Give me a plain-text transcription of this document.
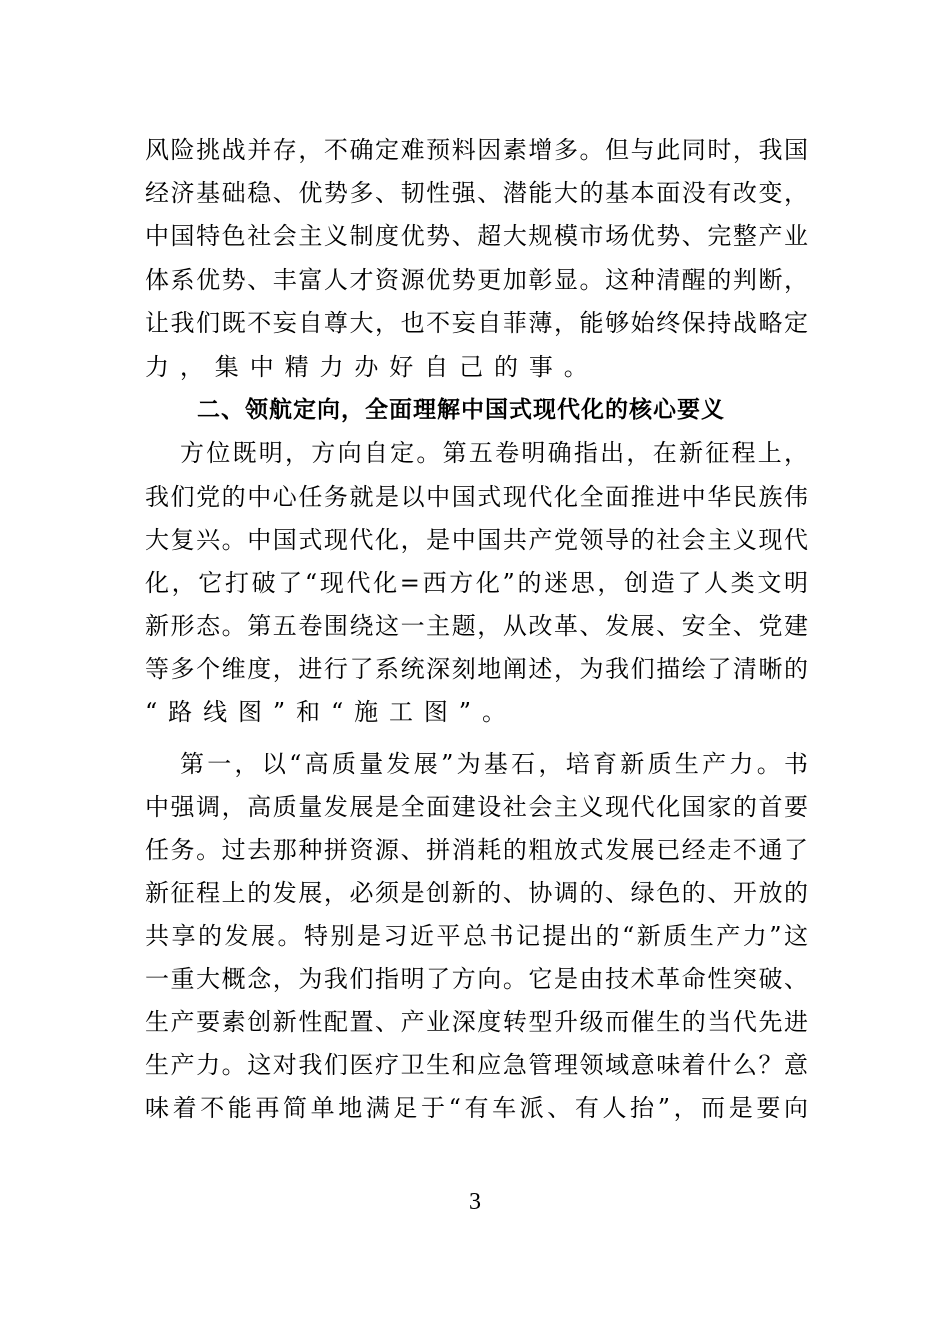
风险挑战并存，不确定难预料因素增多。但与此同时，我国
经济基础稳、优势多、韧性强、潜能大的基本面没有改变，
中国特色社会主义制度优势、超大规模市场优势、完整产业
体系优势、丰富人才资源优势更加彰显。这种清醒的判断，
让我们既不妄自尊大，也不妄自菲薄，能够始终保持战略定
力，集中精力办好自己的事。
二、领航定向，全面理解中国式现代化的核心要义
方位既明，方向自定。第五卷明确指出，在新征程上，
我们党的中心任务就是以中国式现代化全面推进中华民族伟
大复兴。中国式现代化，是中国共产党领导的社会主义现代
化，它打破了“现代化=西方化”的迷思，创造了人类文明
新形态。第五卷围绕这一主题，从改革、发展、安全、党建
等多个维度，进行了系统深刻地阐述，为我们描绘了清晰的
“路线图”和“施工图”。
第一，以“高质量发展”为基石，培育新质生产力。书
中强调，高质量发展是全面建设社会主义现代化国家的首要
任务。过去那种拼资源、拼消耗的粗放式发展已经走不通了
新征程上的发展，必须是创新的、协调的、绿色的、开放的
共享的发展。特别是习近平总书记提出的“新质生产力”这
一重大概念，为我们指明了方向。它是由技术革命性突破、
生产要素创新性配置、产业深度转型升级而催生的当代先进
生产力。这对我们医疗卫生和应急管理领域意味着什么？意
味着不能再简单地满足于“有车派、有人抬”，而是要向
3
